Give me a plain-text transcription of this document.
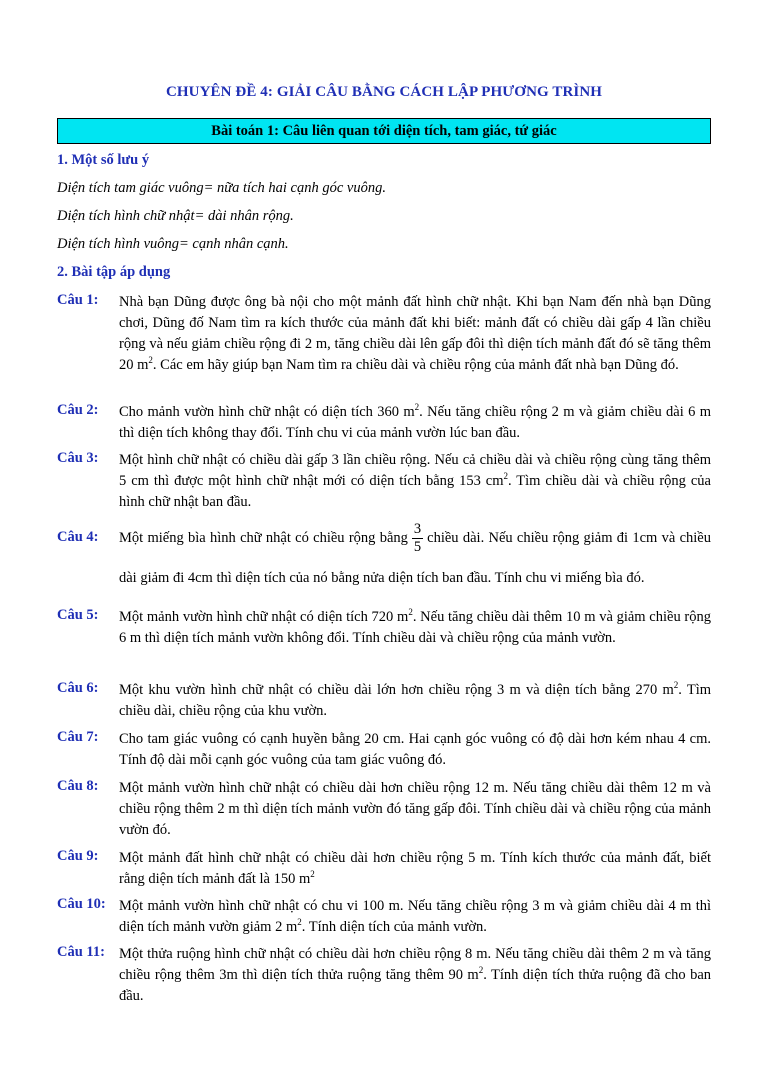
CHUYÊN ĐỀ 4: GIẢI CÂU BẰNG CÁCH LẬP PHƯƠNG TRÌNH
Bài toán 1: Câu liên quan tới diện tích, tam giác, tứ giác
1. Một số lưu ý
Diện tích tam giác vuông= nữa tích hai cạnh góc vuông.
Diện tích hình chữ nhật= dài nhân rộng.
Diện tích hình vuông= cạnh nhân cạnh.
2. Bài tập áp dụng
Câu 1: Nhà bạn Dũng được ông bà nội cho một mảnh đất hình chữ nhật. Khi bạn Nam đến nhà bạn Dũng chơi, Dũng đố Nam tìm ra kích thước của mảnh đất khi biết: mảnh đất có chiều dài gấp 4 lần chiều rộng và nếu giảm chiều rộng đi 2 m, tăng chiều dài lên gấp đôi thì diện tích mảnh đất đó sẽ tăng thêm 20 $m^2$. Các em hãy giúp bạn Nam tìm ra chiều dài và chiều rộng của mảnh đất nhà bạn Dũng đó.
Câu 2: Cho mảnh vườn hình chữ nhật có diện tích 360 $m^2$. Nếu tăng chiều rộng 2 m và giảm chiều dài 6 m thì diện tích không thay đổi. Tính chu vi của mảnh vườn lúc ban đầu.
Câu 3: Một hình chữ nhật có chiều dài gấp 3 lần chiều rộng. Nếu cả chiều dài và chiều rộng cùng tăng thêm 5 cm thì được một hình chữ nhật mới có diện tích bằng 153 $cm^2$. Tìm chiều dài và chiều rộng của hình chữ nhật ban đầu.
Câu 4: Một miếng bìa hình chữ nhật có chiều rộng bằng $\frac{3}{5}$ chiều dài. Nếu chiều rộng giảm đi 1cm và chiều dài giảm đi 4cm thì diện tích của nó bằng nửa diện tích ban đầu. Tính chu vi miếng bìa đó.
Câu 5: Một mảnh vườn hình chữ nhật có diện tích 720 $m^2$. Nếu tăng chiều dài thêm 10 m và giảm chiều rộng 6 m thì diện tích mảnh vườn không đổi. Tính chiều dài và chiều rộng của mảnh vườn.
Câu 6: Một khu vườn hình chữ nhật có chiều dài lớn hơn chiều rộng 3 m và diện tích bằng 270 $m^2$. Tìm chiều dài, chiều rộng của khu vườn.
Câu 7: Cho tam giác vuông có cạnh huyền bằng 20 cm. Hai cạnh góc vuông có độ dài hơn kém nhau 4 cm. Tính độ dài mỗi cạnh góc vuông của tam giác vuông đó.
Câu 8: Một mảnh vườn hình chữ nhật có chiều dài hơn chiều rộng 12 m. Nếu tăng chiều dài thêm 12 m và chiều rộng thêm 2 m thì diện tích mảnh vườn đó tăng gấp đôi. Tính chiều dài và chiều rộng của mảnh vườn đó.
Câu 9: Một mảnh đất hình chữ nhật có chiều dài hơn chiều rộng 5 m. Tính kích thước của mảnh đất, biết rằng diện tích mảnh đất là 150 $m^2$
Câu 10: Một mảnh vườn hình chữ nhật có chu vi 100 m. Nếu tăng chiều rộng 3 m và giảm chiều dài 4 m thì diện tích mảnh vườn giảm 2 $m^2$. Tính diện tích của mảnh vườn.
Câu 11: Một thửa ruộng hình chữ nhật có chiều dài hơn chiều rộng 8 m. Nếu tăng chiều dài thêm 2 m và tăng chiều rộng thêm 3m thì diện tích thửa ruộng tăng thêm 90 $m^2$. Tính diện tích thửa ruộng đã cho ban đầu.
